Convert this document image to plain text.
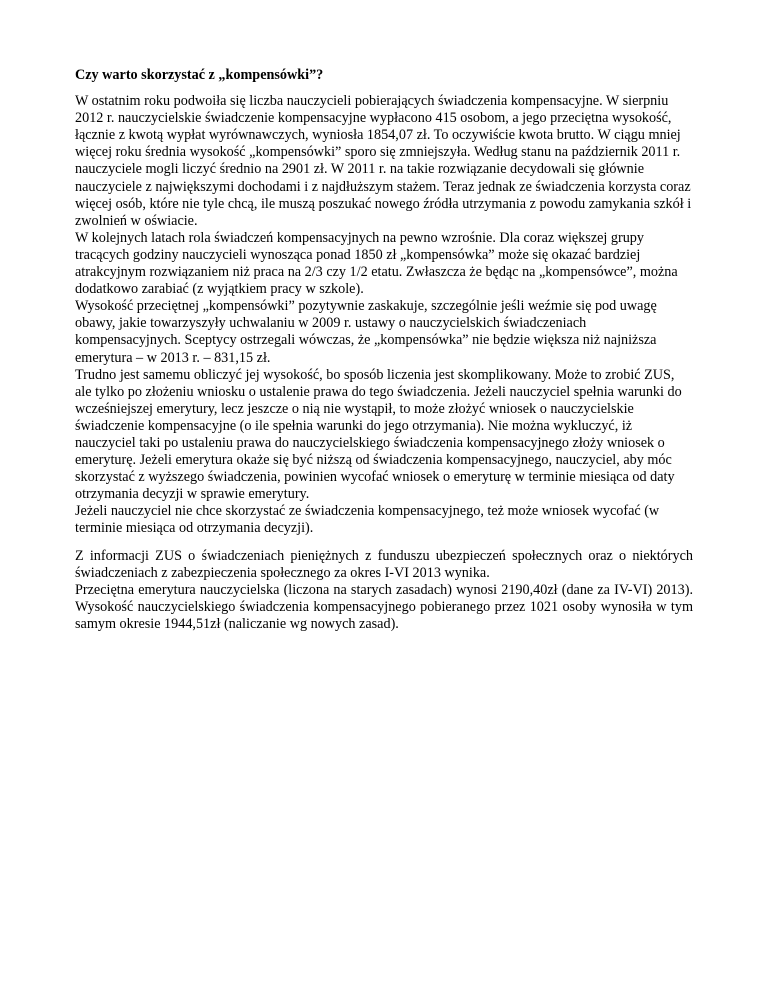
Czy warto skorzystać z „kompensówki”?

W ostatnim roku podwoiła się liczba nauczycieli pobierających świadczenia kompensacyjne. W sierpniu 2012 r. nauczycielskie świadczenie kompensacyjne wypłacono 415 osobom, a jego przeciętna wysokość, łącznie z kwotą wypłat wyrównawczych, wyniosła 1854,07 zł. To oczywiście kwota brutto. W ciągu mniej więcej roku średnia wysokość „kompensówki” sporo się zmniejszyła. Według stanu na październik 2011 r. nauczyciele mogli liczyć średnio na 2901 zł. W 2011 r. na takie rozwiązanie decydowali się głównie nauczyciele z największymi dochodami i z najdłuższym stażem. Teraz jednak ze świadczenia korzysta coraz więcej osób, które nie tyle chcą, ile muszą poszukać nowego źródła utrzymania z powodu zamykania szkół i zwolnień w oświacie.

W kolejnych latach rola świadczeń kompensacyjnych na pewno wzrośnie. Dla coraz większej grupy tracących godziny nauczycieli wynosząca ponad 1850 zł „kompensówka” może się okazać bardziej atrakcyjnym rozwiązaniem niż praca na 2/3 czy 1/2 etatu. Zwłaszcza że będąc na „kompensówce”, można dodatkowo zarabiać (z wyjątkiem pracy w szkole).

Wysokość przeciętnej „kompensówki” pozytywnie zaskakuje, szczególnie jeśli weźmie się pod uwagę obawy, jakie towarzyszyły uchwalaniu w 2009 r. ustawy o nauczycielskich świadczeniach kompensacyjnych. Sceptycy ostrzegali wówczas, że „kompensówka” nie będzie większa niż najniższa emerytura – w 2013 r. – 831,15 zł.

Trudno jest samemu obliczyć jej wysokość, bo sposób liczenia jest skomplikowany. Może to zrobić ZUS, ale tylko po złożeniu wniosku o ustalenie prawa do tego świadczenia. Jeżeli nauczyciel spełnia warunki do wcześniejszej emerytury, lecz jeszcze o nią nie wystąpił, to może złożyć wniosek o nauczycielskie świadczenie kompensacyjne (o ile spełnia warunki do jego otrzymania). Nie można wykluczyć, iż nauczyciel taki po ustaleniu prawa do nauczycielskiego świadczenia kompensacyjnego złoży wniosek o emeryturę. Jeżeli emerytura okaże się być niższą od świadczenia kompensacyjnego, nauczyciel, aby móc skorzystać z wyższego świadczenia, powinien wycofać wniosek o emeryturę w terminie miesiąca od daty otrzymania decyzji w sprawie emerytury.

Jeżeli nauczyciel nie chce skorzystać ze świadczenia kompensacyjnego, też może wniosek wycofać (w terminie miesiąca od otrzymania decyzji).

Z informacji ZUS o świadczeniach pieniężnych z funduszu ubezpieczeń społecznych oraz o niektórych świadczeniach z zabezpieczenia społecznego za okres I-VI 2013 wynika.

Przeciętna emerytura nauczycielska (liczona na starych zasadach) wynosi 2190,40zł (dane za IV-VI) 2013). Wysokość nauczycielskiego świadczenia kompensacyjnego pobieranego przez 1021 osoby wynosiła w tym samym okresie 1944,51zł (naliczanie wg nowych zasad).
